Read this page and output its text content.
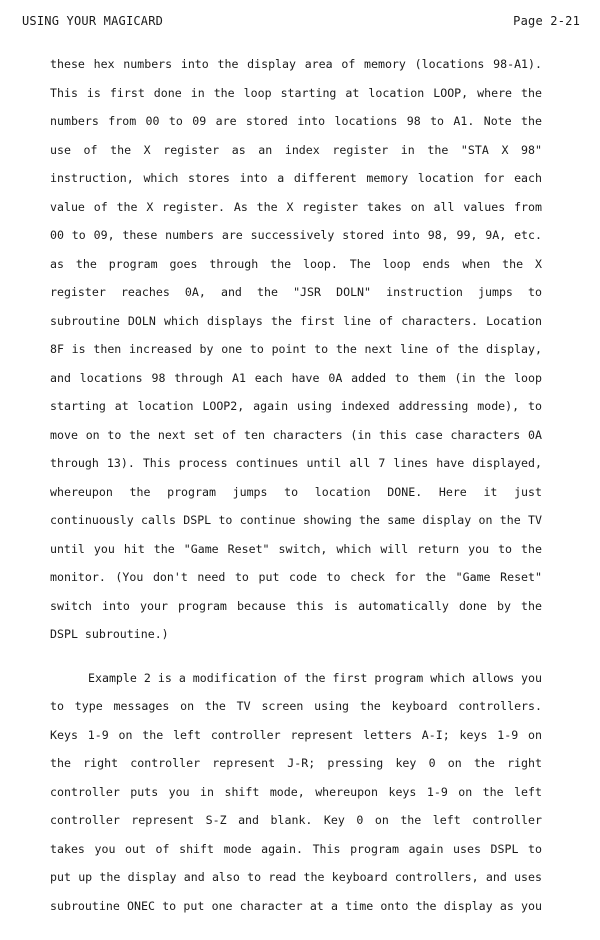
USING YOUR MAGICARD	Page 2-21
these hex numbers into the display area of memory (locations 98-A1).
This is first done in the loop starting at location LOOP, where the
numbers from 00 to 09 are stored into locations 98 to A1. Note the
use of the X register as an index register in the "STA X 98"
instruction, which stores into a different memory location for each
value of the X register. As the X register takes on all values from
00 to 09, these numbers are successively stored into 98, 99, 9A, etc.
as the program goes through the loop. The loop ends when the X
register reaches 0A, and the "JSR DOLN" instruction jumps to
subroutine DOLN which displays the first line of characters. Location
8F is then increased by one to point to the next line of the display,
and locations 98 through A1 each have 0A added to them (in the loop
starting at location LOOP2, again using indexed addressing mode), to
move on to the next set of ten characters (in this case characters 0A
through 13). This process continues until all 7 lines have displayed,
whereupon the program jumps to location DONE. Here it just
continuously calls DSPL to continue showing the same display on the TV
until you hit the "Game Reset" switch, which will return you to the
monitor. (You don't need to put code to check for the "Game Reset"
switch into your program because this is automatically done by the
DSPL subroutine.)
Example 2 is a modification of the first program which allows you
to type messages on the TV screen using the keyboard controllers.
Keys 1-9 on the left controller represent letters A-I; keys 1-9 on
the right controller represent J-R; pressing key 0 on the right
controller puts you in shift mode, whereupon keys 1-9 on the left
controller represent S-Z and blank. Key 0 on the left controller
takes you out of shift mode again. This program again uses DSPL to
put up the display and also to read the keyboard controllers, and uses
subroutine ONEC to put one character at a time onto the display as you
